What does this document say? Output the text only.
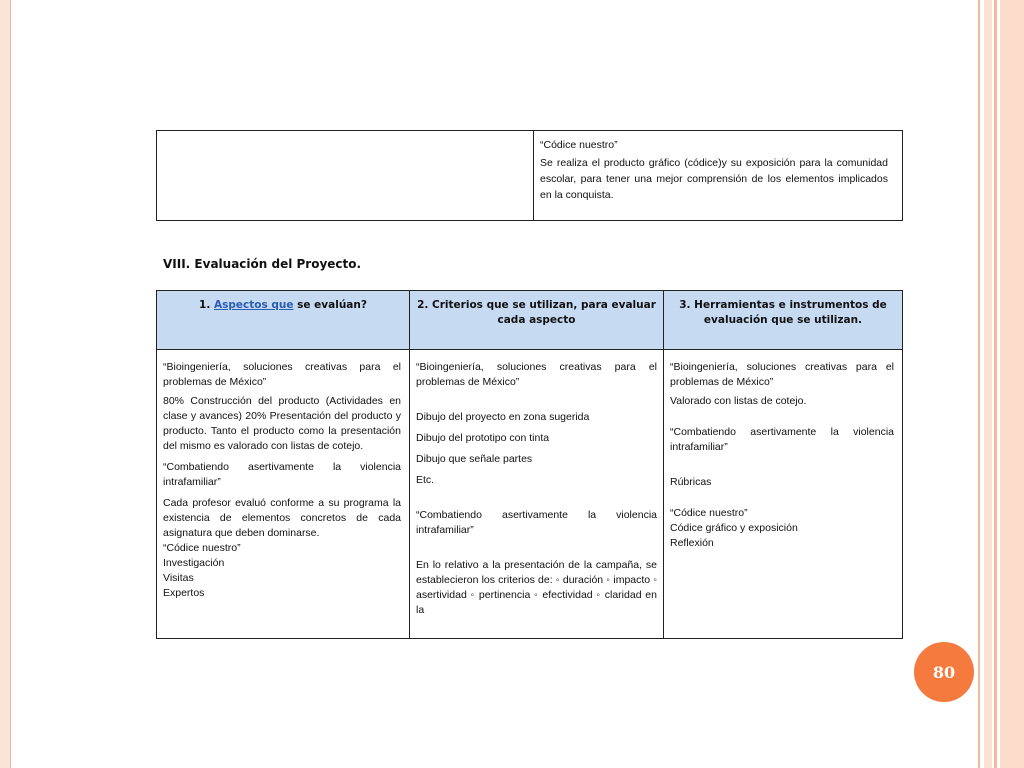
“Códice nuestro”

Se realiza el producto gráfico (códice)y su exposición para la comunidad escolar, para tener una mejor comprensión de los elementos implicados en la conquista.

VIII. Evaluación del Proyecto.
1. Aspectos que se evalúan?	2. Criterios que se utilizan, para evaluar cada aspecto
3. Herramientas e instrumentos de evaluación que se utilizan.

“Bioingeniería, soluciones creativas para el problemas de México”

80% Construcción del producto (Actividades en clase y avances) 20% Presentación del producto y producto. Tanto el producto como la presentación del mismo es valorado con listas de cotejo.

“Combatiendo asertivamente la violencia intrafamiliar”

Cada profesor evaluó conforme a su programa la existencia de elementos concretos de cada asignatura que deben dominarse.

“Códice nuestro”

Investigación

Visitas

Expertos

“Bioingeniería, soluciones creativas para el problemas de México”

Dibujo del proyecto en zona sugerida

Dibujo del prototipo con tinta

Dibujo que señale partes

Etc.

“Combatiendo asertivamente la violencia intrafamiliar”

En lo relativo a la presentación de la campaña, se establecieron los criterios de: ◦ duración ◦ impacto ◦ asertividad ◦ pertinencia ◦ efectividad ◦ claridad en la

“Bioingeniería, soluciones creativas para el problemas de México”

Valorado con listas de cotejo.

“Combatiendo asertivamente la violencia intrafamiliar”

Rúbricas

“Códice nuestro”

Códice gráfico y exposición

Reflexión

80
